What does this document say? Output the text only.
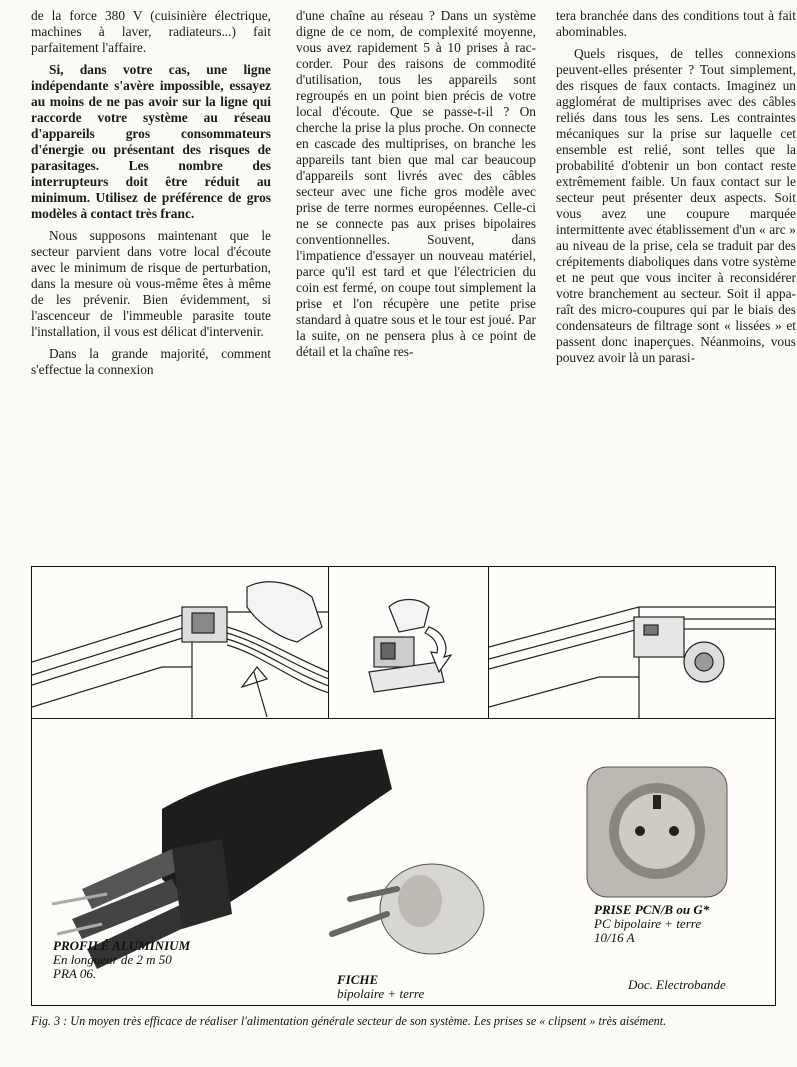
de la force 380 V (cuisinière électrique, machines à laver, radiateurs...) fait parfaitement l'affaire.

Si, dans votre cas, une ligne indépendante s'avère impossible, essayez au moins de ne pas avoir sur la ligne qui raccorde votre système au réseau d'appareils gros consommateurs d'énergie ou présentant des risques de parasitages. Les nombre des interrupteurs doit être réduit au minimum. Utilisez de préférence de gros modèles à contact très franc.

Nous supposons maintenant que le secteur parvient dans votre local d'écoute avec le minimum de risque de perturbation, dans la mesure où vous-même êtes à même de les prévenir. Bien évidemment, si l'ascenceur de l'immeuble parasite toute l'installation, il vous est délicat d'intervenir.

Dans la grande majorité, comment s'effectue la connexion

d'une chaîne au réseau ? Dans un système digne de ce nom, de complexité moyenne, vous avez rapidement 5 à 10 prises à raccorder. Pour des raisons de commodité d'utilisation, tous les appareils sont regroupés en un point bien précis de votre local d'écoute. Que se passe-t-il ? On cherche la prise la plus proche. On connecte en cascade des multiprises, on branche les appareils tant bien que mal car beaucoup d'appareils sont livrés avec des câbles secteur avec une fiche gros modèle avec prise de terre normes européennes. Celle-ci ne se connecte pas aux prises bipolaires conventionnelles. Souvent, dans l'impatience d'essayer un nouveau matériel, parce qu'il est tard et que l'électricien du coin est fermé, on coupe tout simplement la prise et l'on récupère une petite prise standard à quatre sous et le tour est joué. Par la suite, on ne pensera plus à ce point de détail et la chaîne res-

tera branchée dans des conditions tout à fait abominables.

Quels risques, de telles connexions peuvent-elles présenter ? Tout simplement, des risques de faux contacts. Imaginez un agglomérat de multiprises avec des câbles reliés dans tous les sens. Les contraintes mécaniques sur la prise sur laquelle cet ensemble est relié, sont telles que la probabilité d'obtenir un bon contact reste extrêmement faible. Un faux contact sur le secteur peut présenter deux aspects. Soit vous avez une coupure marquée intermittente avec établissement d'un « arc » au niveau de la prise, cela se traduit par des crépitements diaboliques dans votre système et ne peut que vous inciter à reconsidérer votre branchement au secteur. Soit il apparaît des micro-coupures qui par le biais des condensateurs de filtrage sont « lissées » et passent donc inaperçues. Néanmoins, vous pouvez avoir là un parasi-

PROFILÉ ALUMINIUM
En longueur de 2 m 50
PRA 06.	FICHE
bipolaire + terre
PRISE PCN/B ou G*
PC bipolaire + terre
10/16 A
Doc. Electrobande
Fig. 3 : Un moyen très efficace de réaliser l'alimentation générale secteur de son système. Les prises se « clipsent » très aisément.
